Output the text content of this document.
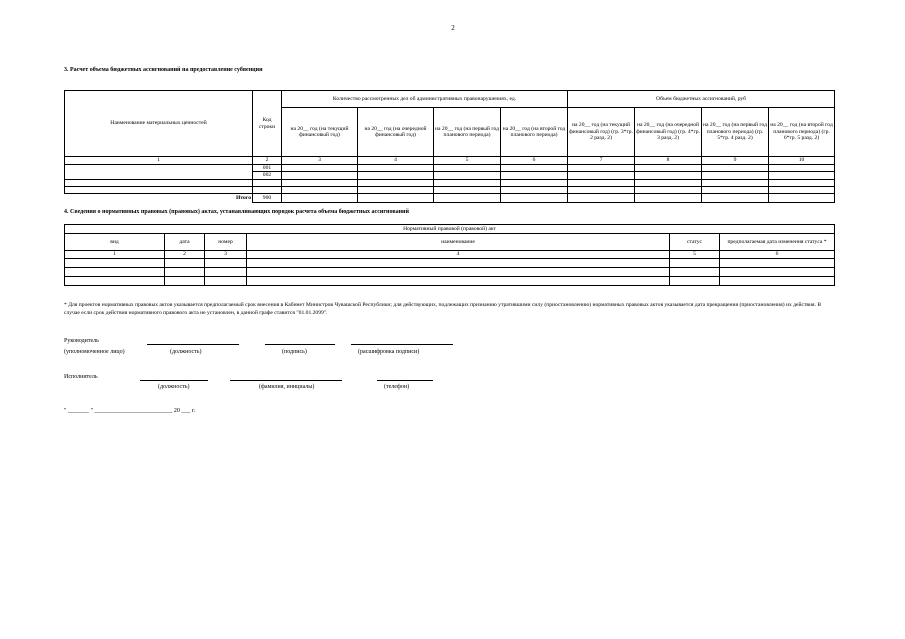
2
3. Расчет объема бюджетных ассигнований на предоставление субвенции
Наименование материальных ценностей	Код строки	Количество рассмотренных дел об административных правонарушениях, ед.				Объем бюджетных ассигнований, руб			
		на 20__ год (на текущий финансовый год)	на 20__ год (на очередной финансовый год)	на 20__ год (на первый год планового периода)	на 20__ год (на второй год планового периода)	на 20__ год (на текущий финансовый год) (гр. 3*гр. 2 разд. 2)	на 20__ год (на очередной финансовый год) (гр. 4*гр. 3 разд. 2)	на 20__ год (на первый год планового периода) (гр. 5*гр. 4 разд. 2)	на 20__ год (на второй год планового периода) (гр. 6*гр. 5 разд. 2)
1	2	3	4	5	6	7	8	9	10
	001								
	002								

Итого	900								
4. Сведения о нормативных правовых (правовых) актах, устанавливающих порядок расчета объема бюджетных ассигнований
Нормативный правовой (правовой) акт					
вид	дата	номер	наименование	статус	предполагаемая дата изменения статуса *
1	2	3	4	5	6

* Для проектов нормативных правовых актов указывается предполагаемый срок внесения в Кабинет Министров Чувашской Республики; для действующих, подлежащих признанию утратившими силу (приостановлению) нормативных правовых актов указывается дата прекращения (приостановления) их действия. В случае если срок действия нормативного правового акта не установлен, в данной графе ставится "01.01.2099".
Руководитель
(уполномоченное лицо)	(должность)	(подпись)	(расшифровка подписи)
Исполнитель
(должность)	(фамилия, инициалы)	(телефон)
" _______ " __________________________ 20 ___ г.
